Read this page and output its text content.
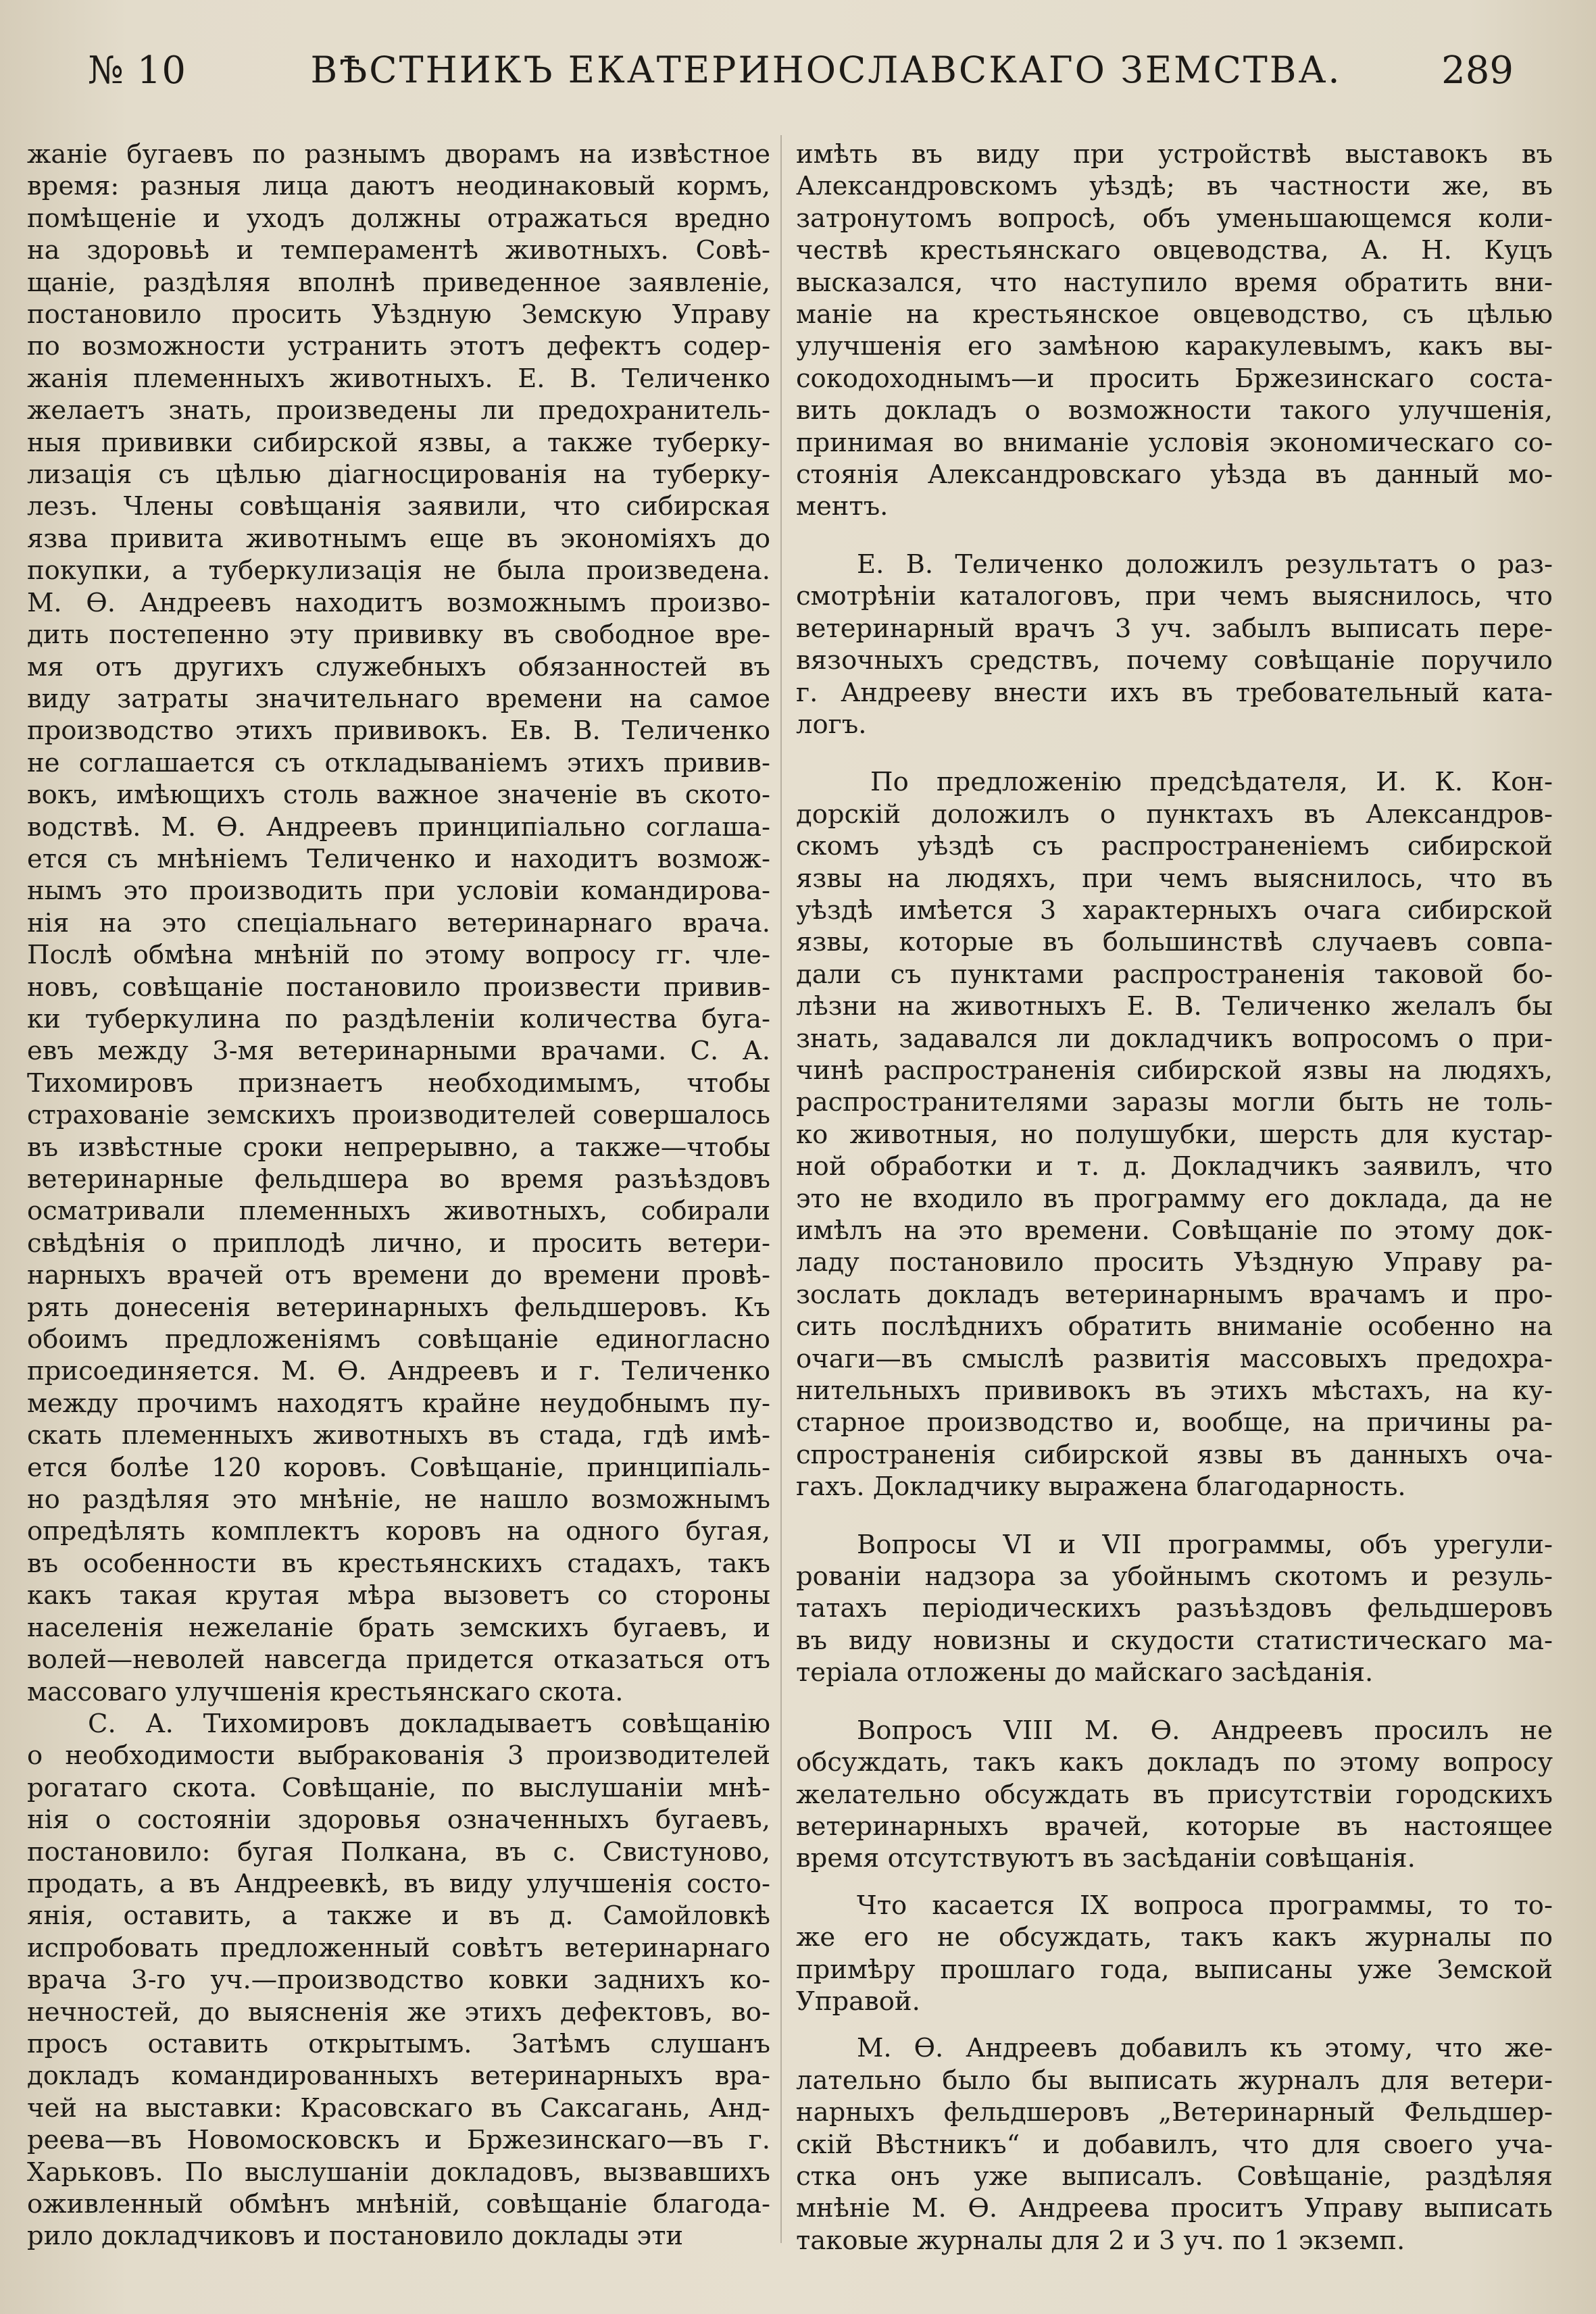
№ 10	ВѢСТНИКЪ ЕКАТЕРИНОСЛАВСКАГО ЗЕМСТВА.	289
жаніе бугаевъ по разнымъ дворамъ на извѣстное
время: разныя лица даютъ неодинаковый кормъ,
помѣщеніе и уходъ должны отражаться вредно
на здоровьѣ и темпераментѣ животныхъ. Совѣ-
щаніе, раздѣляя вполнѣ приведенное заявленіе,
постановило просить Уѣздную Земскую Управу
по возможности устранить этотъ дефектъ содер-
жанія племенныхъ животныхъ. Е. В. Теличенко
желаетъ знать, произведены ли предохранитель-
ныя прививки сибирской язвы, а также туберку-
лизація съ цѣлью діагносцированія на туберку-
лезъ. Члены совѣщанія заявили, что сибирская
язва привита животнымъ еще въ экономіяхъ до
покупки, а туберкулизація не была произведена.
М. Ѳ. Андреевъ находитъ возможнымъ произво-
дить постепенно эту прививку въ свободное вре-
мя отъ другихъ служебныхъ обязанностей въ
виду затраты значительнаго времени на самое
производство этихъ прививокъ. Ев. В. Теличенко
не соглашается съ откладываніемъ этихъ привив-
вокъ, имѣющихъ столь важное значеніе въ ското-
водствѣ. М. Ѳ. Андреевъ принципіально соглаша-
ется съ мнѣніемъ Теличенко и находитъ возмож-
нымъ это производить при условіи командирова-
нія на это спеціальнаго ветеринарнаго врача.
Послѣ обмѣна мнѣній по этому вопросу гг. чле-
новъ, совѣщаніе постановило произвести привив-
ки туберкулина по раздѣленіи количества буга-
евъ между 3-мя ветеринарными врачами. С. А.
Тихомировъ признаетъ необходимымъ, чтобы
страхованіе земскихъ производителей совершалось
въ извѣстные сроки непрерывно, а также—чтобы
ветеринарные фельдшера во время разъѣздовъ
осматривали племенныхъ животныхъ, собирали
свѣдѣнія о приплодѣ лично, и просить ветери-
нарныхъ врачей отъ времени до времени провѣ-
рять донесенія ветеринарныхъ фельдшеровъ. Къ
обоимъ предложеніямъ совѣщаніе единогласно
присоединяется. М. Ѳ. Андреевъ и г. Теличенко
между прочимъ находятъ крайне неудобнымъ пу-
скать племенныхъ животныхъ въ стада, гдѣ имѣ-
ется болѣе 120 коровъ. Совѣщаніе, принципіаль-
но раздѣляя это мнѣніе, не нашло возможнымъ
опредѣлять комплектъ коровъ на одного бугая,
въ особенности въ крестьянскихъ стадахъ, такъ
какъ такая крутая мѣра вызоветъ со стороны
населенія нежеланіе брать земскихъ бугаевъ, и
волей—неволей навсегда придется отказаться отъ
массоваго улучшенія крестьянскаго скота.
С. А. Тихомировъ докладываетъ совѣщанію
о необходимости выбракованія 3 производителей
рогатаго скота. Совѣщаніе, по выслушаніи мнѣ-
нія о состояніи здоровья означенныхъ бугаевъ,
постановило: бугая Полкана, въ с. Свистуново,
продать, а въ Андреевкѣ, въ виду улучшенія состо-
янія, оставить, а также и въ д. Самойловкѣ
испробовать предложенный совѣтъ ветеринарнаго
врача 3-го уч.—производство ковки заднихъ ко-
нечностей, до выясненія же этихъ дефектовъ, во-
просъ оставить открытымъ. Затѣмъ слушанъ
докладъ командированныхъ ветеринарныхъ вра-
чей на выставки: Красовскаго въ Саксагань, Анд-
реева—въ Новомосковскъ и Бржезинскаго—въ г.
Харьковъ. По выслушаніи докладовъ, вызвавшихъ
оживленный обмѣнъ мнѣній, совѣщаніе благода-
рило докладчиковъ и постановило доклады эти
имѣть въ виду при устройствѣ выставокъ въ
Александровскомъ уѣздѣ; въ частности же, въ
затронутомъ вопросѣ, объ уменьшающемся коли-
чествѣ крестьянскаго овцеводства, А. Н. Куцъ
высказался, что наступило время обратить вни-
маніе на крестьянское овцеводство, съ цѣлью
улучшенія его замѣною каракулевымъ, какъ вы-
сокодоходнымъ—и просить Бржезинскаго соста-
вить докладъ о возможности такого улучшенія,
принимая во вниманіе условія экономическаго со-
стоянія Александровскаго уѣзда въ данный мо-
ментъ.
Е. В. Теличенко доложилъ результатъ о раз-
смотрѣніи каталоговъ, при чемъ выяснилось, что
ветеринарный врачъ 3 уч. забылъ выписать пере-
вязочныхъ средствъ, почему совѣщаніе поручило
г. Андрееву внести ихъ въ требовательный ката-
логъ.
По предложенію предсѣдателя, И. К. Кон-
дорскій доложилъ о пунктахъ въ Александров-
скомъ уѣздѣ съ распространеніемъ сибирской
язвы на людяхъ, при чемъ выяснилось, что въ
уѣздѣ имѣется 3 характерныхъ очага сибирской
язвы, которые въ большинствѣ случаевъ совпа-
дали съ пунктами распространенія таковой бо-
лѣзни на животныхъ Е. В. Теличенко желалъ бы
знать, задавался ли докладчикъ вопросомъ о при-
чинѣ распространенія сибирской язвы на людяхъ,
распространителями заразы могли быть не толь-
ко животныя, но полушубки, шерсть для кустар-
ной обработки и т. д. Докладчикъ заявилъ, что
это не входило въ программу его доклада, да не
имѣлъ на это времени. Совѣщаніе по этому док-
ладу постановило просить Уѣздную Управу ра-
зослать докладъ ветеринарнымъ врачамъ и про-
сить послѣднихъ обратить вниманіе особенно на
очаги—въ смыслѣ развитія массовыхъ предохра-
нительныхъ прививокъ въ этихъ мѣстахъ, на ку-
старное производство и, вообще, на причины ра-
спространенія сибирской язвы въ данныхъ оча-
гахъ. Докладчику выражена благодарность.
Вопросы VI и VII программы, объ урегули-
рованіи надзора за убойнымъ скотомъ и резуль-
татахъ періодическихъ разъѣздовъ фельдшеровъ
въ виду новизны и скудости статистическаго ма-
теріала отложены до майскаго засѣданія.
Вопросъ VIII М. Ѳ. Андреевъ просилъ не
обсуждать, такъ какъ докладъ по этому вопросу
желательно обсуждать въ присутствіи городскихъ
ветеринарныхъ врачей, которые въ настоящее
время отсутствуютъ въ засѣданіи совѣщанія.
Что касается IX вопроса программы, то то-
же его не обсуждать, такъ какъ журналы по
примѣру прошлаго года, выписаны уже Земской
Управой.
М. Ѳ. Андреевъ добавилъ къ этому, что же-
лательно было бы выписать журналъ для ветери-
нарныхъ фельдшеровъ „Ветеринарный Фельдшер-
скій Вѣстникъ“ и добавилъ, что для своего уча-
стка онъ уже выписалъ. Совѣщаніе, раздѣляя
мнѣніе М. Ѳ. Андреева проситъ Управу выписать
таковые журналы для 2 и 3 уч. по 1 экземп.
